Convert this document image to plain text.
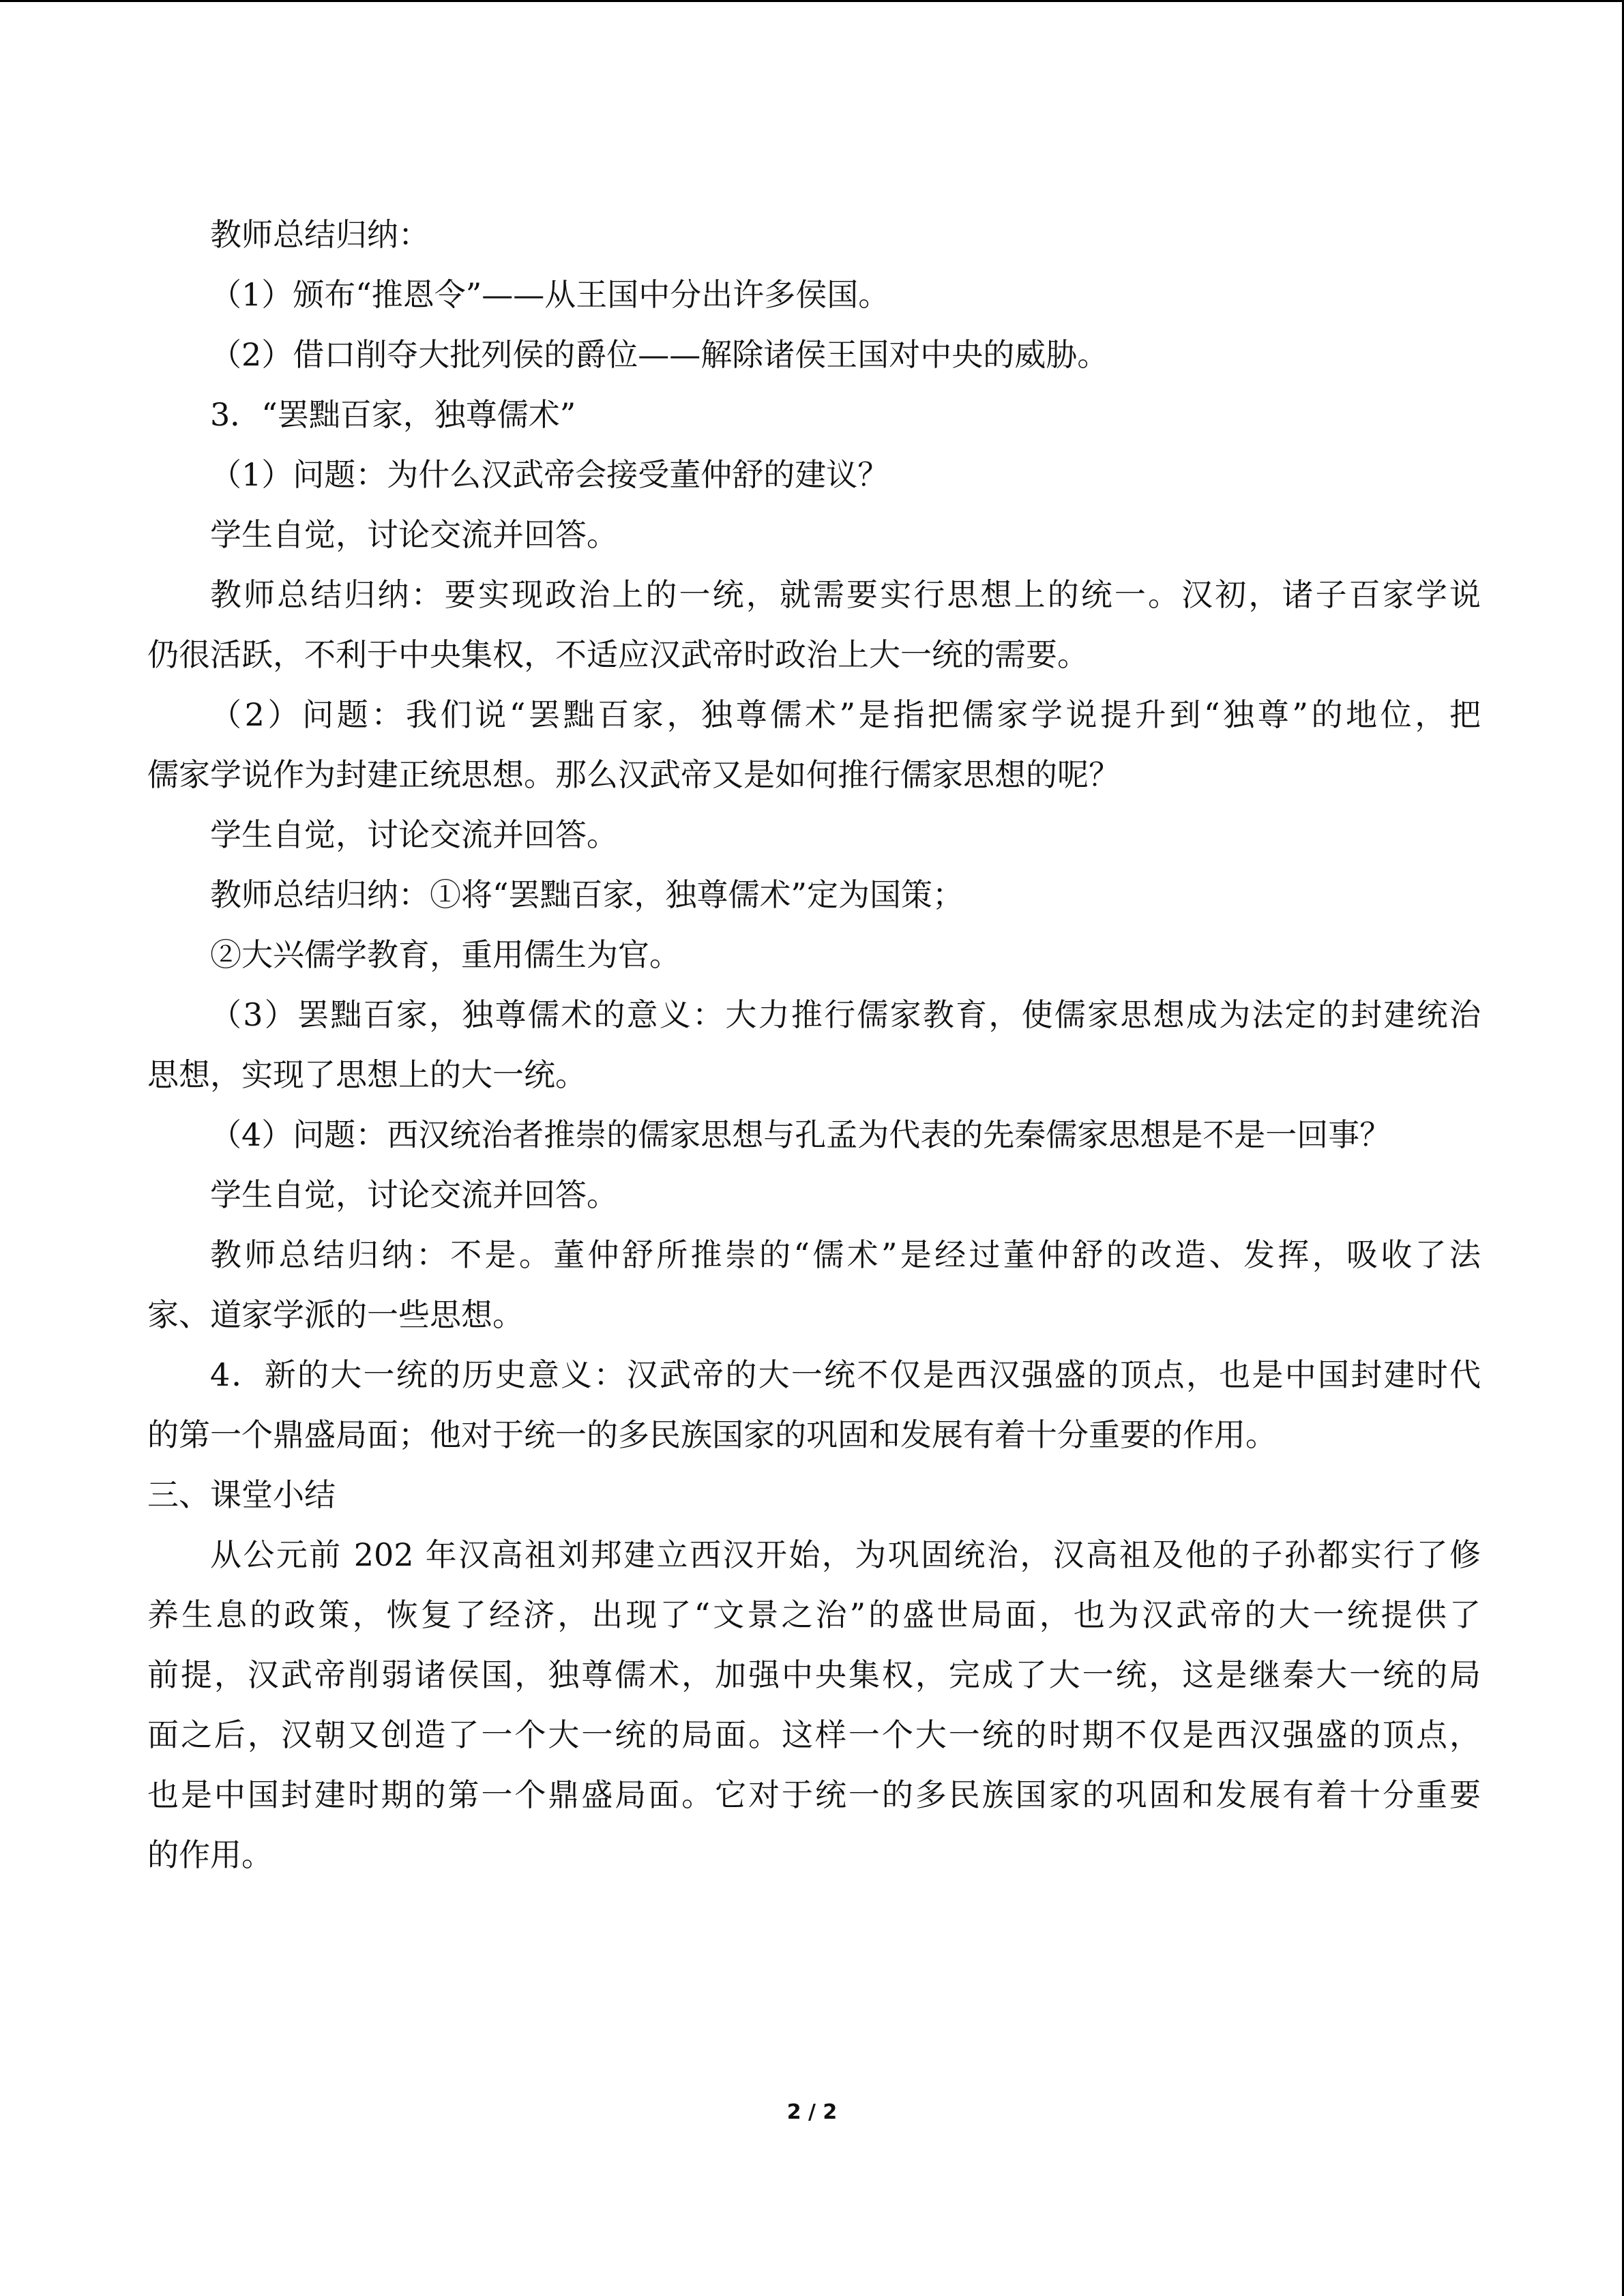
教师总结归纳：
（1）颁布“推恩令”——从王国中分出许多侯国。
（2）借口削夺大批列侯的爵位——解除诸侯王国对中央的威胁。
3．“罢黜百家，独尊儒术”
（1）问题：为什么汉武帝会接受董仲舒的建议？
学生自觉，讨论交流并回答。
教师总结归纳：要实现政治上的一统，就需要实行思想上的统一。汉初，诸子百家学说
仍很活跃，不利于中央集权，不适应汉武帝时政治上大一统的需要。
（2）问题：我们说“罢黜百家，独尊儒术”是指把儒家学说提升到“独尊”的地位，把
儒家学说作为封建正统思想。那么汉武帝又是如何推行儒家思想的呢？
学生自觉，讨论交流并回答。
教师总结归纳：①将“罢黜百家，独尊儒术”定为国策；
②大兴儒学教育，重用儒生为官。
（3）罢黜百家，独尊儒术的意义：大力推行儒家教育，使儒家思想成为法定的封建统治
思想，实现了思想上的大一统。
（4）问题：西汉统治者推崇的儒家思想与孔孟为代表的先秦儒家思想是不是一回事？
学生自觉，讨论交流并回答。
教师总结归纳：不是。董仲舒所推崇的“儒术”是经过董仲舒的改造、发挥，吸收了法
家、道家学派的一些思想。
4．新的大一统的历史意义：汉武帝的大一统不仅是西汉强盛的顶点，也是中国封建时代
的第一个鼎盛局面；他对于统一的多民族国家的巩固和发展有着十分重要的作用。
三、课堂小结
从公元前 202 年汉高祖刘邦建立西汉开始，为巩固统治，汉高祖及他的子孙都实行了修
养生息的政策，恢复了经济，出现了“文景之治”的盛世局面，也为汉武帝的大一统提供了
前提，汉武帝削弱诸侯国，独尊儒术，加强中央集权，完成了大一统，这是继秦大一统的局
面之后，汉朝又创造了一个大一统的局面。这样一个大一统的时期不仅是西汉强盛的顶点，
也是中国封建时期的第一个鼎盛局面。它对于统一的多民族国家的巩固和发展有着十分重要
的作用。
2 / 2
